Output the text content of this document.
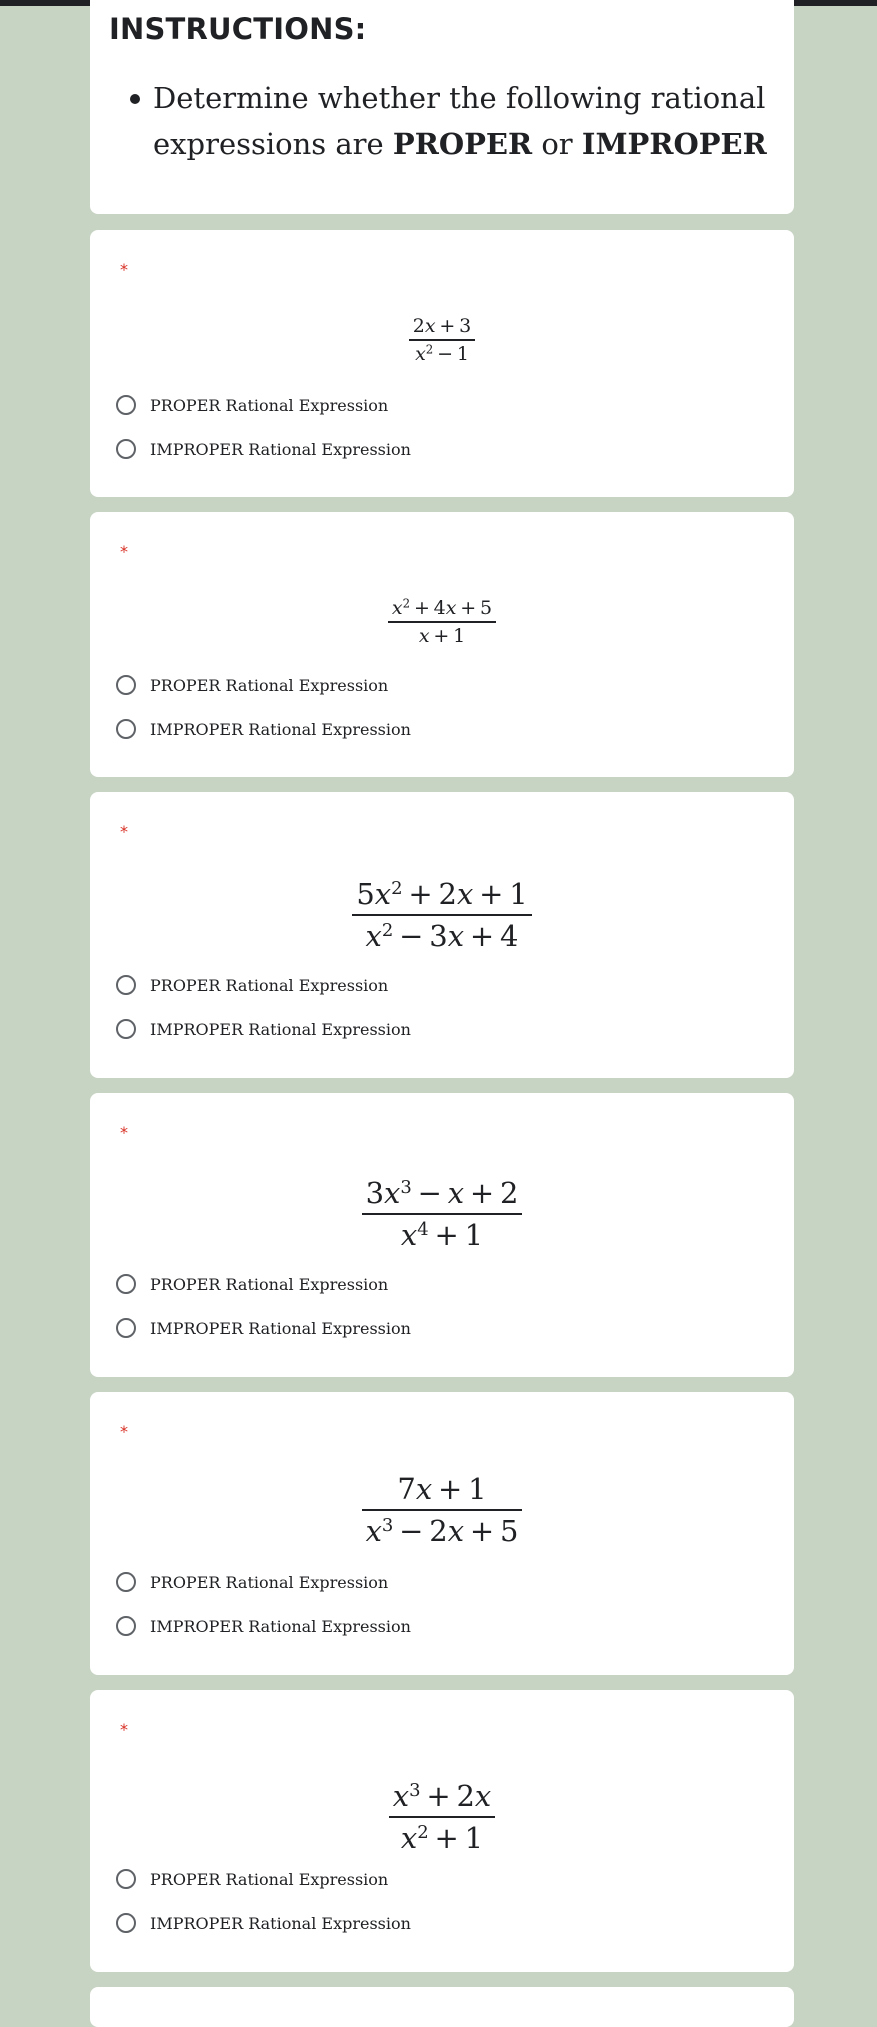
INSTRUCTIONS:
Determine whether the following rational
expressions are PROPER or IMPROPER
*
$\frac{2x + 3}{x^2 - 1}$
PROPER Rational Expression
IMPROPER Rational Expression
*
$\frac{x^2 + 4x + 5}{x + 1}$
PROPER Rational Expression
IMPROPER Rational Expression
*
$\frac{5x^2 + 2x + 1}{x^2 - 3x + 4}$
PROPER Rational Expression
IMPROPER Rational Expression
*
$\frac{3x^3 - x + 2}{x^4 + 1}$
PROPER Rational Expression
IMPROPER Rational Expression
*
$\frac{7x + 1}{x^3 - 2x + 5}$
PROPER Rational Expression
IMPROPER Rational Expression
*
$\frac{x^3 + 2x}{x^2 + 1}$
PROPER Rational Expression
IMPROPER Rational Expression
